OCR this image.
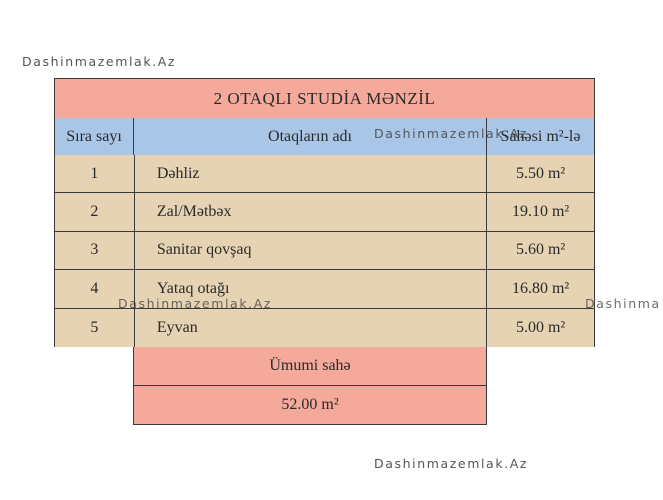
Dashinmazemlak.Az
2 OTAQLI STUDİA MƏNZİL
Sıra sayı	Otaqların adı	Sahəsi m²-lə
1	Dəhliz	5.50 m²
2	Zal/Mətbəx	19.10 m²
3	Sanitar qovşaq	5.60 m²
4	Yataq otağı	16.80 m²
5	Eyvan	5.00 m²
Ümumi sahə
52.00 m²
Dashinmazemlak.Az
Dashinmazemlak.Az	Dashinma
Dashinmazemlak.Az
